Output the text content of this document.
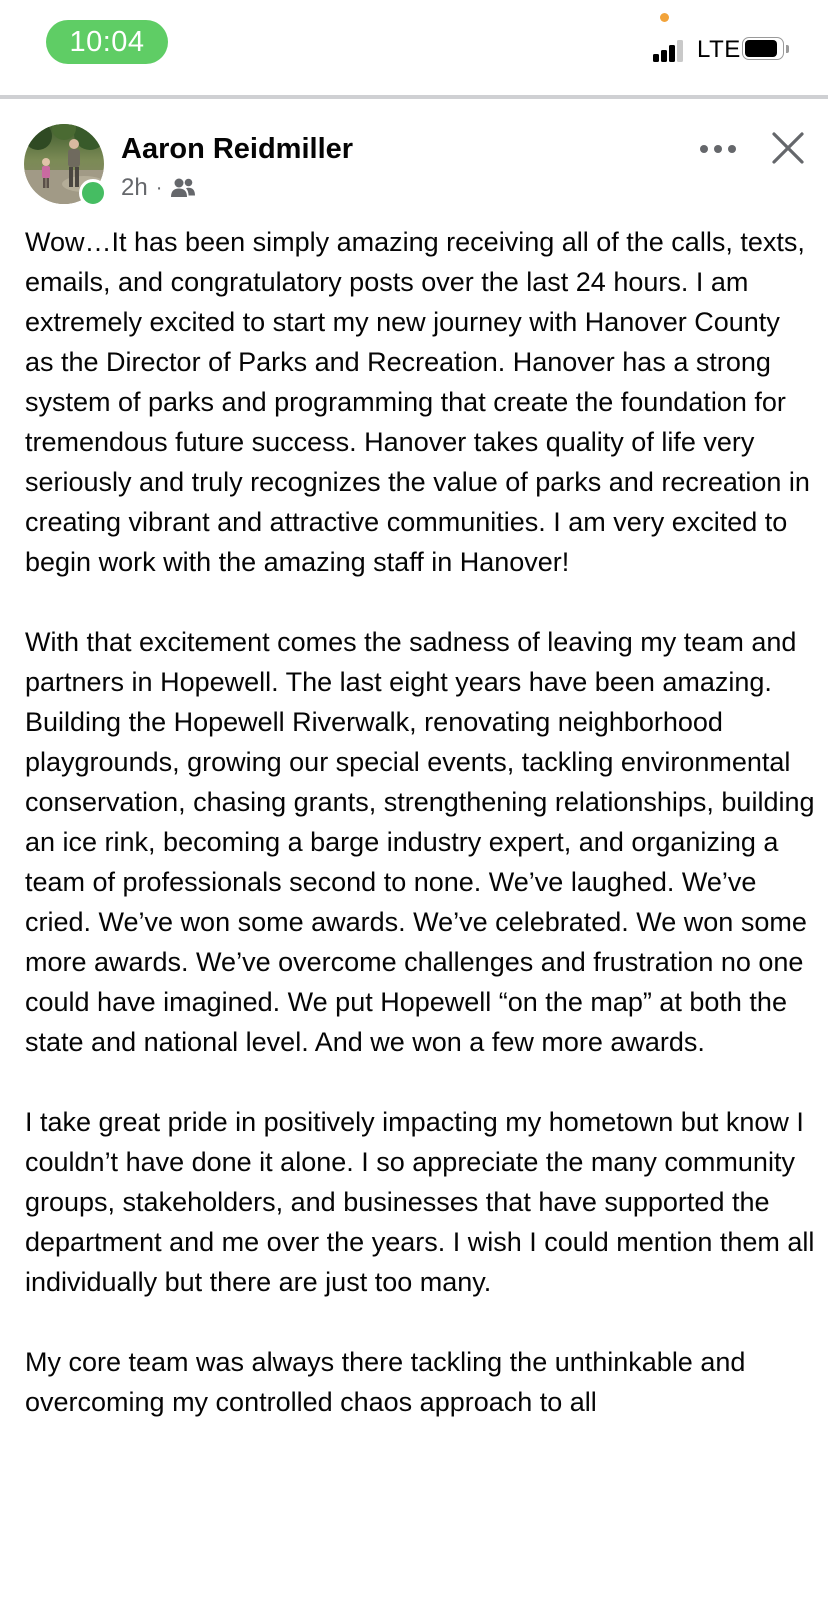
10:04	LTE
Aaron Reidmiller
2h ·

Wow…It has been simply amazing receiving all of the calls, texts, emails, and congratulatory posts over the last 24 hours. I am extremely excited to start my new journey with Hanover County as the Director of Parks and Recreation. Hanover has a strong system of parks and programming that create the foundation for tremendous future success. Hanover takes quality of life very seriously and truly recognizes the value of parks and recreation in creating vibrant and attractive communities. I am very excited to begin work with the amazing staff in Hanover!

With that excitement comes the sadness of leaving my team and partners in Hopewell. The last eight years have been amazing. Building the Hopewell Riverwalk, renovating neighborhood playgrounds, growing our special events, tackling environmental conservation, chasing grants, strengthening relationships, building an ice rink, becoming a barge industry expert, and organizing a team of professionals second to none. We’ve laughed. We’ve cried. We’ve won some awards. We’ve celebrated. We won some more awards. We’ve overcome challenges and frustration no one could have imagined. We put Hopewell “on the map” at both the state and national level. And we won a few more awards.

I take great pride in positively impacting my hometown but know I couldn’t have done it alone. I so appreciate the many community groups, stakeholders, and businesses that have supported the department and me over the years. I wish I could mention them all individually but there are just too many.

My core team was always there tackling the unthinkable and overcoming my controlled chaos approach to all
